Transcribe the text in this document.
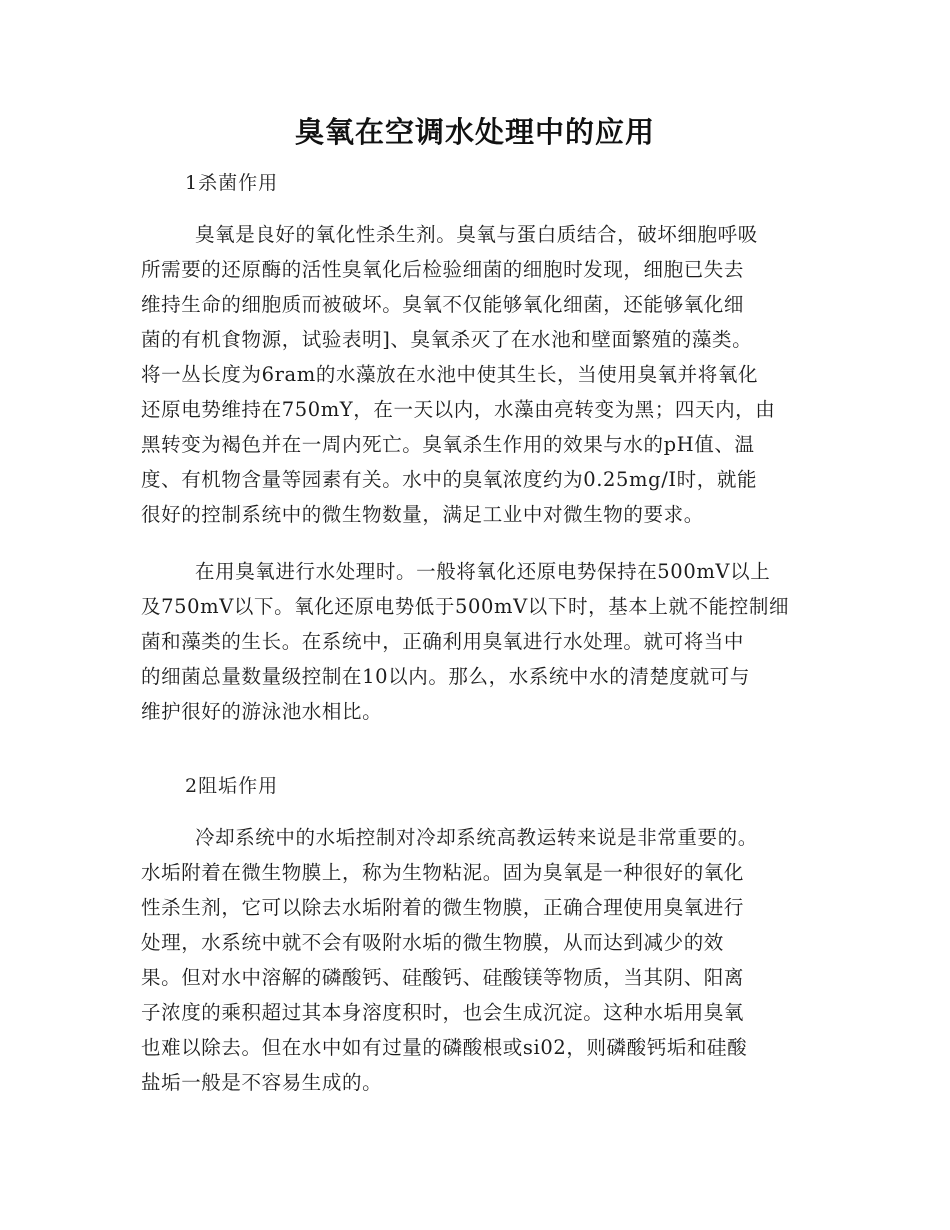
臭氧在空调水处理中的应用
1杀菌作用
臭氧是良好的氧化性杀生剂。臭氧与蛋白质结合，破坏细胞呼吸
所需要的还原酶的活性臭氧化后检验细菌的细胞时发现，细胞已失去
维持生命的细胞质而被破坏。臭氧不仅能够氧化细菌，还能够氧化细
菌的有机食物源，试验表明]、臭氧杀灭了在水池和壁面繁殖的藻类。
将一丛长度为6ram的水藻放在水池中使其生长，当使用臭氧并将氧化
还原电势维持在750mY，在一天以内，水藻由亮转变为黑；四天内，由
黑转变为褐色并在一周内死亡。臭氧杀生作用的效果与水的pH值、温
度、有机物含量等园素有关。水中的臭氧浓度约为0.25mg/I时，就能
很好的控制系统中的微生物数量，满足工业中对微生物的要求。
在用臭氧进行水处理时。一般将氧化还原电势保持在500mV以上
及750mV以下。氧化还原电势低于500mV以下时，基本上就不能控制细
菌和藻类的生长。在系统中，正确利用臭氧进行水处理。就可将当中
的细菌总量数量级控制在10以内。那么，水系统中水的清楚度就可与
维护很好的游泳池水相比。
2阻垢作用
冷却系统中的水垢控制对冷却系统高教运转来说是非常重要的。
水垢附着在微生物膜上，称为生物粘泥。固为臭氧是一种很好的氧化
性杀生剂，它可以除去水垢附着的微生物膜，正确合理使用臭氧进行
处理，水系统中就不会有吸附水垢的微生物膜，从而达到减少的效
果。但对水中溶解的磷酸钙、硅酸钙、硅酸镁等物质，当其阴、阳离
子浓度的乘积超过其本身溶度积时，也会生成沉淀。这种水垢用臭氧
也难以除去。但在水中如有过量的磷酸根或si02，则磷酸钙垢和硅酸
盐垢一般是不容易生成的。
